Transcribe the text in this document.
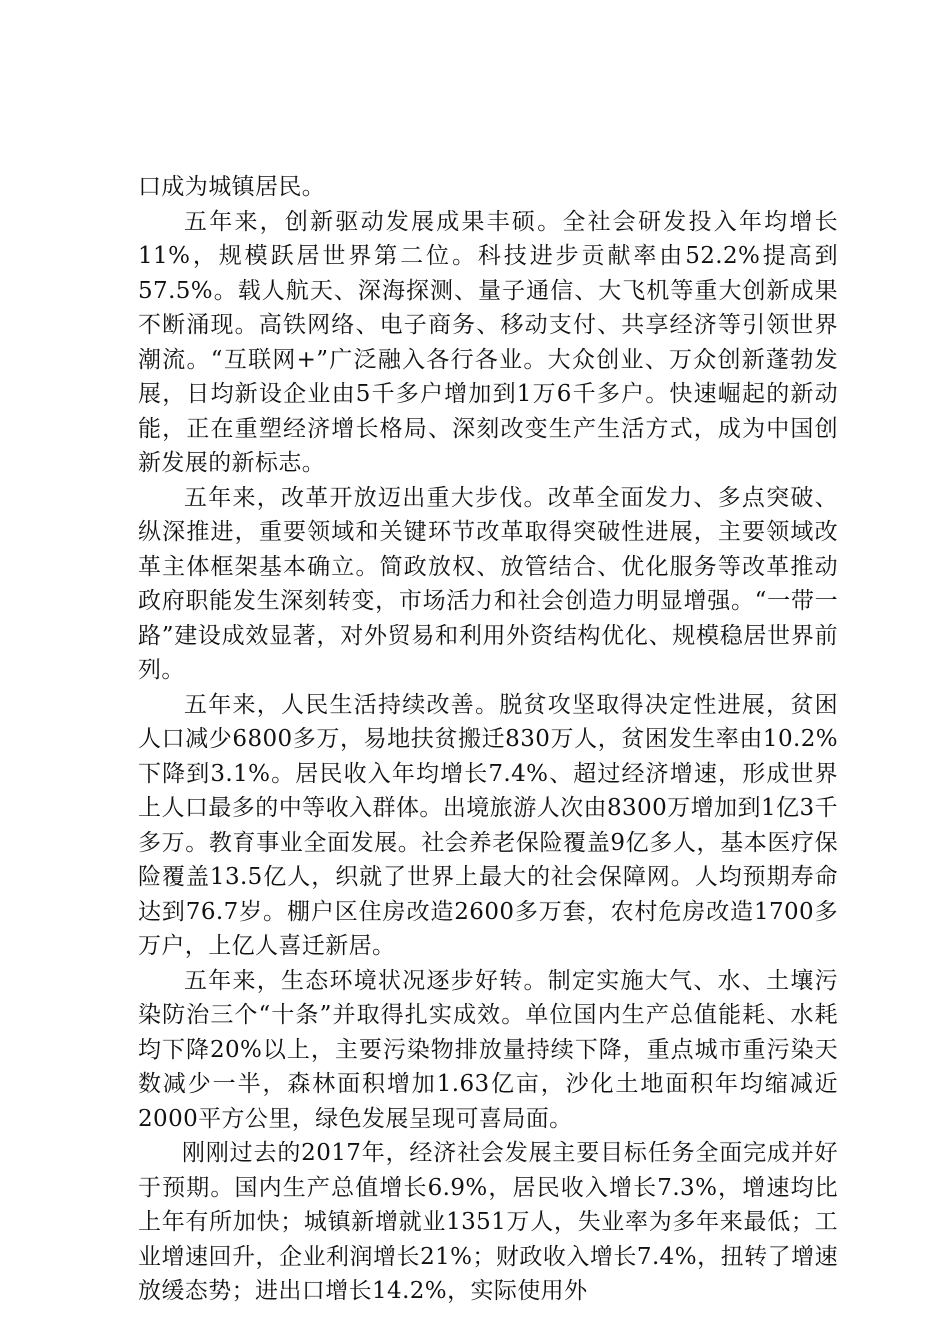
口成为城镇居民。

五年来，创新驱动发展成果丰硕。全社会研发投入年均增长11%，规模跃居世界第二位。科技进步贡献率由52.2%提高到57.5%。载人航天、深海探测、量子通信、大飞机等重大创新成果不断涌现。高铁网络、电子商务、移动支付、共享经济等引领世界潮流。“互联网+”广泛融入各行各业。大众创业、万众创新蓬勃发展，日均新设企业由5千多户增加到1万6千多户。快速崛起的新动能，正在重塑经济增长格局、深刻改变生产生活方式，成为中国创新发展的新标志。

五年来，改革开放迈出重大步伐。改革全面发力、多点突破、纵深推进，重要领域和关键环节改革取得突破性进展，主要领域改革主体框架基本确立。简政放权、放管结合、优化服务等改革推动政府职能发生深刻转变，市场活力和社会创造力明显增强。“一带一路”建设成效显著，对外贸易和利用外资结构优化、规模稳居世界前列。

五年来，人民生活持续改善。脱贫攻坚取得决定性进展，贫困人口减少6800多万，易地扶贫搬迁830万人，贫困发生率由10.2%下降到3.1%。居民收入年均增长7.4%、超过经济增速，形成世界上人口最多的中等收入群体。出境旅游人次由8300万增加到1亿3千多万。教育事业全面发展。社会养老保险覆盖9亿多人，基本医疗保险覆盖13.5亿人，织就了世界上最大的社会保障网。人均预期寿命达到76.7岁。棚户区住房改造2600多万套，农村危房改造1700多万户，上亿人喜迁新居。

五年来，生态环境状况逐步好转。制定实施大气、水、土壤污染防治三个“十条”并取得扎实成效。单位国内生产总值能耗、水耗均下降20%以上，主要污染物排放量持续下降，重点城市重污染天数减少一半，森林面积增加1.63亿亩，沙化土地面积年均缩减近2000平方公里，绿色发展呈现可喜局面。

刚刚过去的2017年，经济社会发展主要目标任务全面完成并好于预期。国内生产总值增长6.9%，居民收入增长7.3%，增速均比上年有所加快；城镇新增就业1351万人，失业率为多年来最低；工业增速回升，企业利润增长21%；财政收入增长7.4%，扭转了增速放缓态势；进出口增长14.2%，实际使用外
